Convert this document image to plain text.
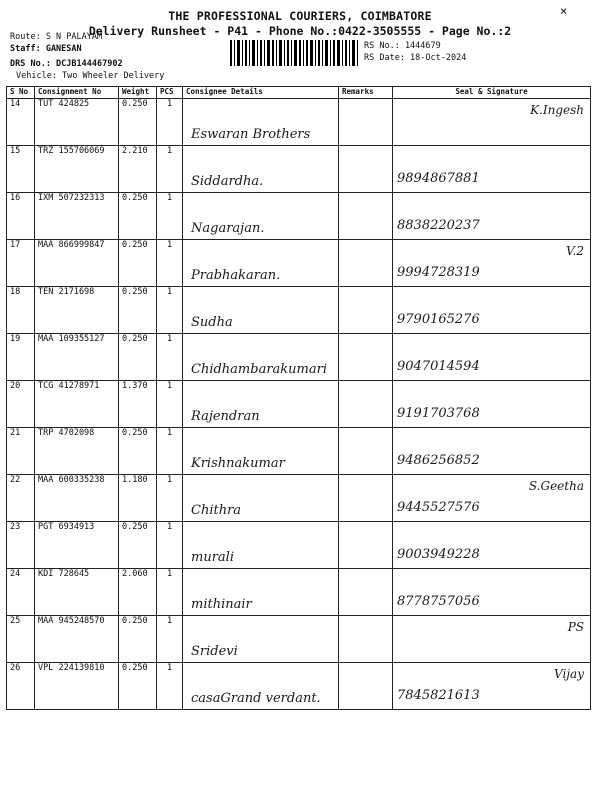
THE PROFESSIONAL COURIERS, COIMBATORE
Delivery Runsheet - P41 - Phone No.:0422-3505555 - Page No.:2
×
Route: S N PALAYAM
Staff: GANESAN
DRS No.: DCJB144467902
Vehicle: Two Wheeler Delivery
RS No.: 1444679
RS Date: 18-Oct-2024
S No	Consignment No	Weight	PCS	Consignee Details	Remarks	Seal & Signature
14	TUT 424825	0.250	1	Eswaran Brothers		K.Ingesh

15	TRZ 155706069	2.210	1	Siddardha.		9894867881

16	IXM 507232313	0.250	1	Nagarajan.		8838220237

17	MAA 866999847	0.250	1	Prabhakaran.		9994728319
V.2

18	TEN 2171698	0.250	1	Sudha		9790165276

19	MAA 109355127	0.250	1	Chidhambarakumari		9047014594

20	TCG 41278971	1.370	1	Rajendran		9191703768

21	TRP 4702098	0.250	1	Krishnakumar		9486256852

22	MAA 600335238	1.180	1	Chithra		9445527576
S.Geetha

23	PGT 6934913	0.250	1	murali		9003949228

24	KDI 728645	2.060	1	mithinair		8778757056

25	MAA 945248570	0.250	1	Sridevi		PS

26	VPL 224139810	0.250	1	casaGrand verdant.		7845821613
Vijay
